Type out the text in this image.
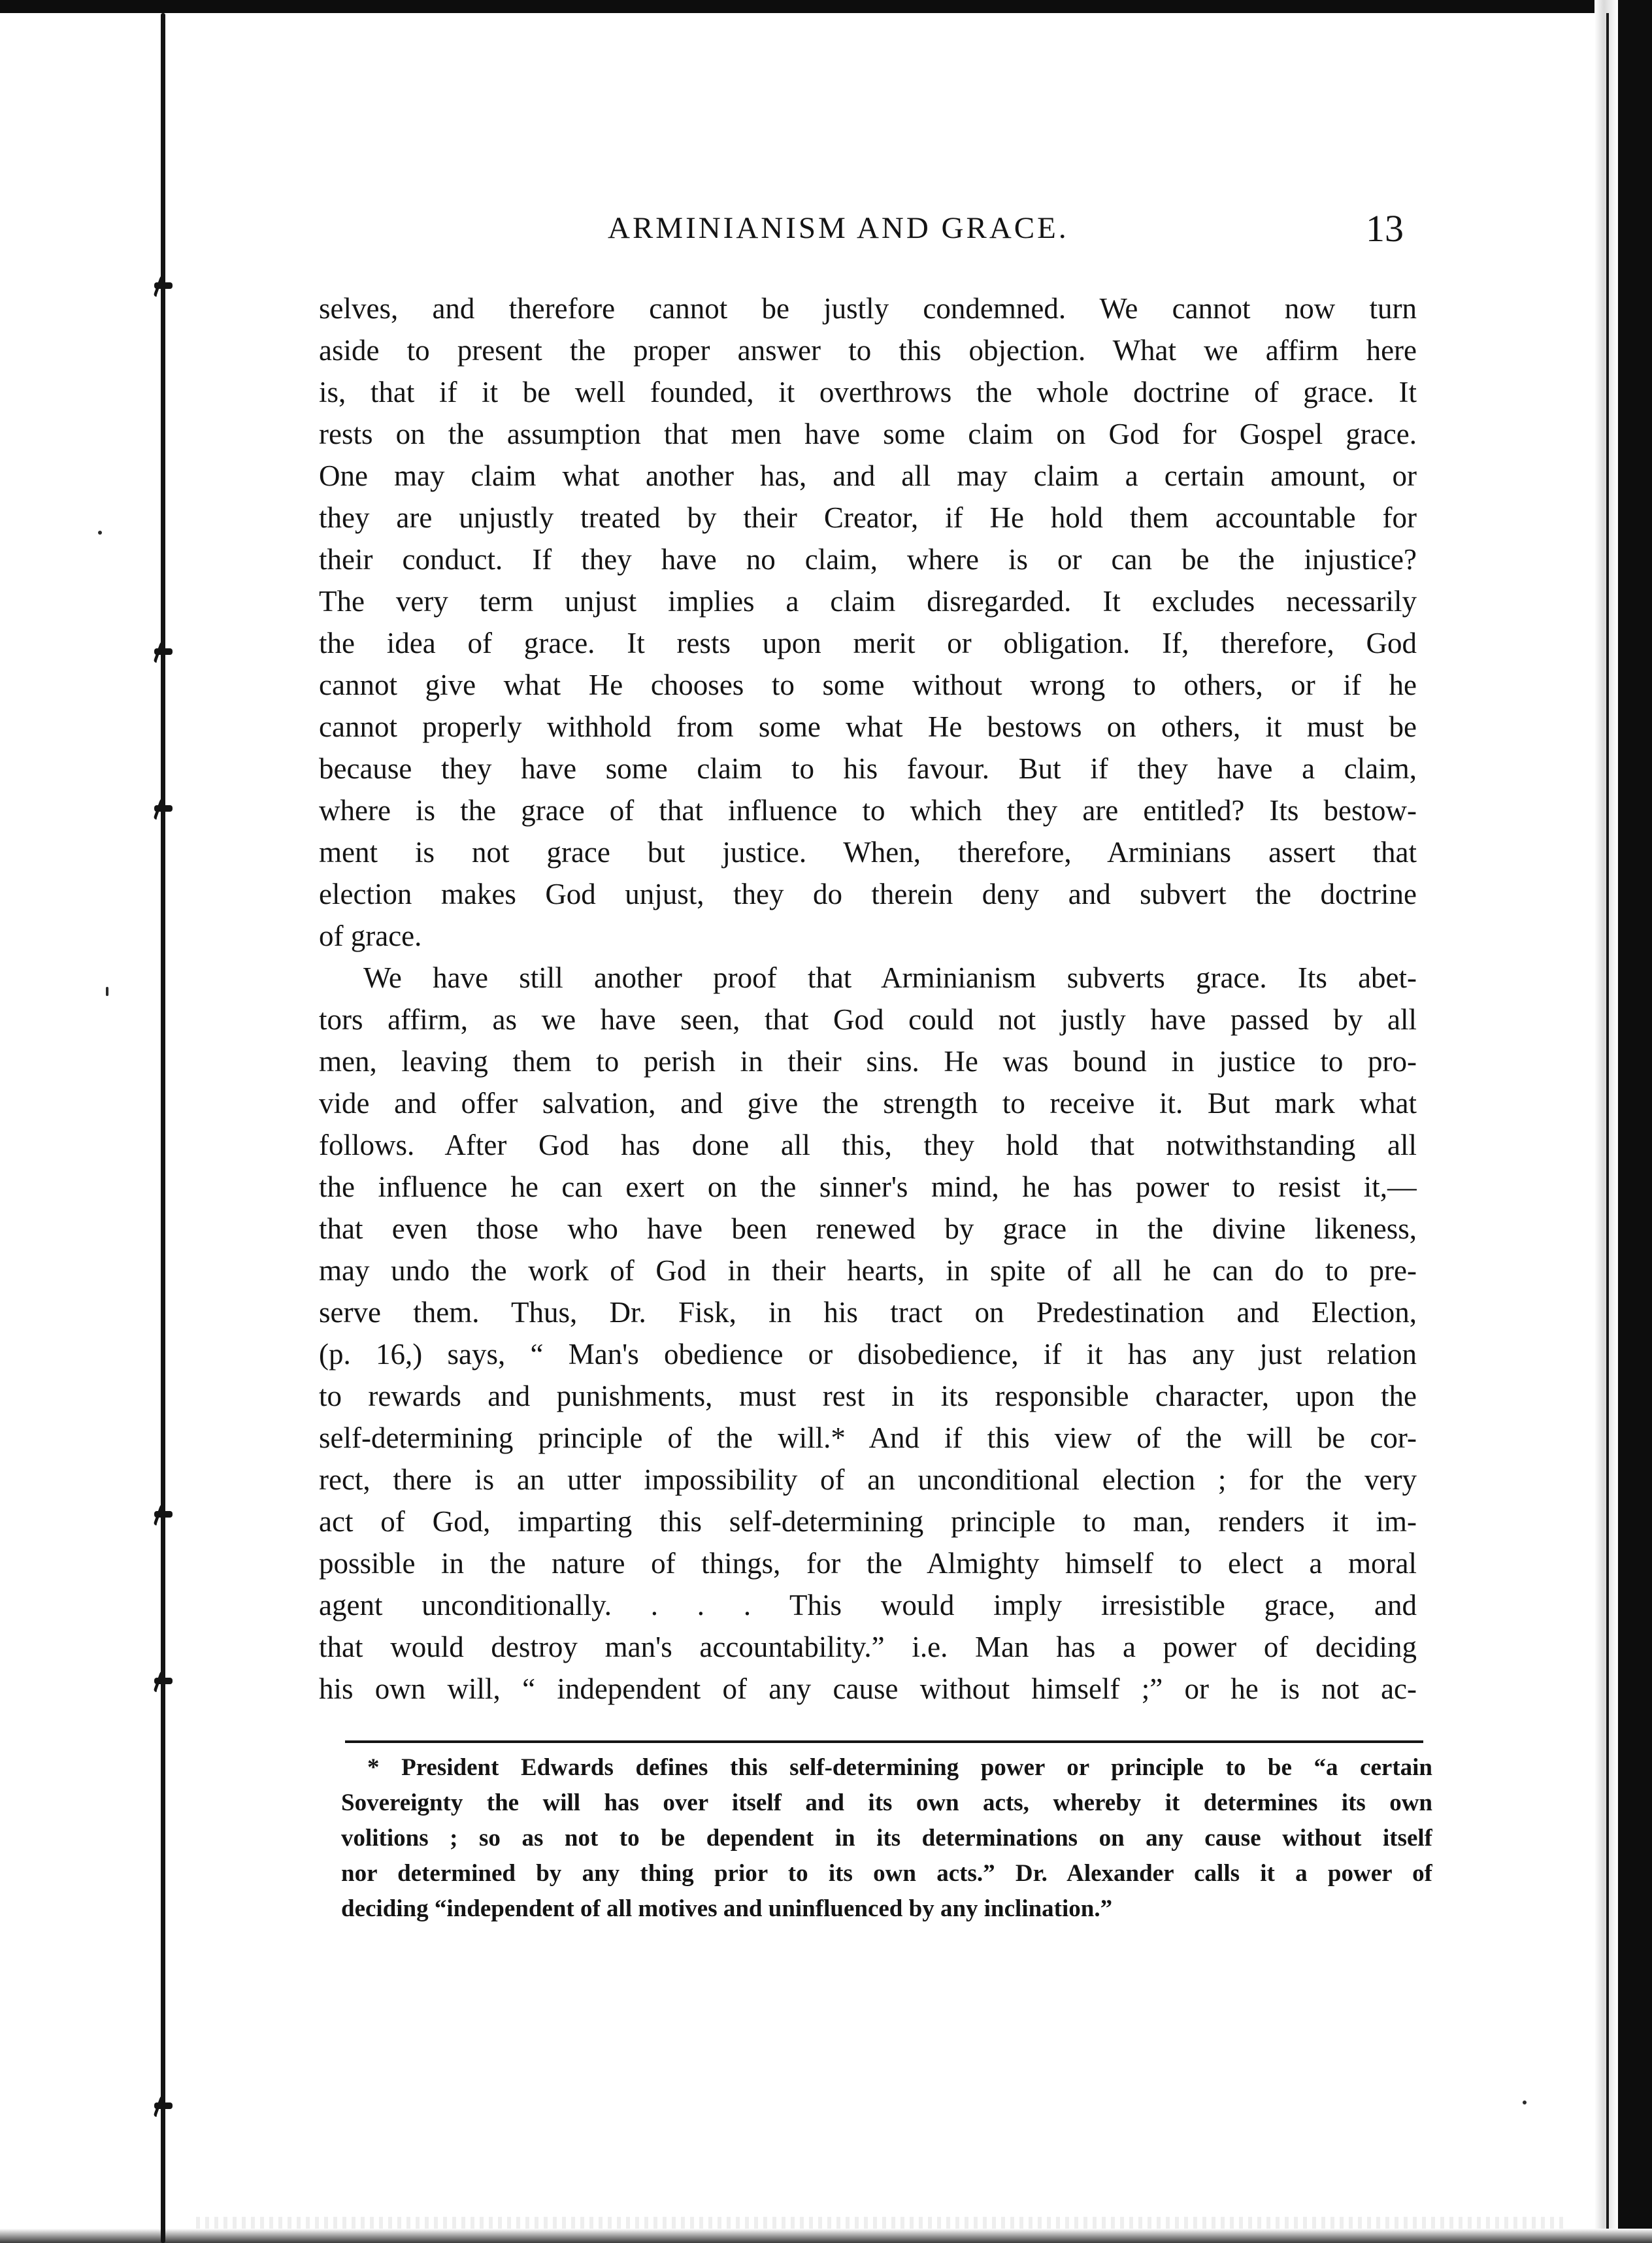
ARMINIANISM AND GRACE.	13
selves, and therefore cannot be justly condemned. We cannot now turn
aside to present the proper answer to this objection. What we affirm here
is, that if it be well founded, it overthrows the whole doctrine of grace. It
rests on the assumption that men have some claim on God for Gospel grace.
One may claim what another has, and all may claim a certain amount, or
they are unjustly treated by their Creator, if He hold them accountable for
their conduct. If they have no claim, where is or can be the injustice?
The very term unjust implies a claim disregarded. It excludes necessarily
the idea of grace. It rests upon merit or obligation. If, therefore, God
cannot give what He chooses to some without wrong to others, or if he
cannot properly withhold from some what He bestows on others, it must be
because they have some claim to his favour. But if they have a claim,
where is the grace of that influence to which they are entitled? Its bestow-
ment is not grace but justice. When, therefore, Arminians assert that
election makes God unjust, they do therein deny and subvert the doctrine
of grace.
We have still another proof that Arminianism subverts grace. Its abet-
tors affirm, as we have seen, that God could not justly have passed by all
men, leaving them to perish in their sins. He was bound in justice to pro-
vide and offer salvation, and give the strength to receive it. But mark what
follows. After God has done all this, they hold that notwithstanding all
the influence he can exert on the sinner's mind, he has power to resist it,—
that even those who have been renewed by grace in the divine likeness,
may undo the work of God in their hearts, in spite of all he can do to pre-
serve them. Thus, Dr. Fisk, in his tract on Predestination and Election,
(p. 16,) says, “ Man's obedience or disobedience, if it has any just relation
to rewards and punishments, must rest in its responsible character, upon the
self-determining principle of the will.* And if this view of the will be cor-
rect, there is an utter impossibility of an unconditional election ; for the very
act of God, imparting this self-determining principle to man, renders it im-
possible in the nature of things, for the Almighty himself to elect a moral
agent unconditionally. . . . This would imply irresistible grace, and
that would destroy man's accountability.” i.e. Man has a power of deciding
his own will, “ independent of any cause without himself ;” or he is not ac-
* President Edwards defines this self-determining power or principle to be “a certain
Sovereignty the will has over itself and its own acts, whereby it determines its own
volitions ; so as not to be dependent in its determinations on any cause without itself
nor determined by any thing prior to its own acts.” Dr. Alexander calls it a power of
deciding “independent of all motives and uninfluenced by any inclination.”
